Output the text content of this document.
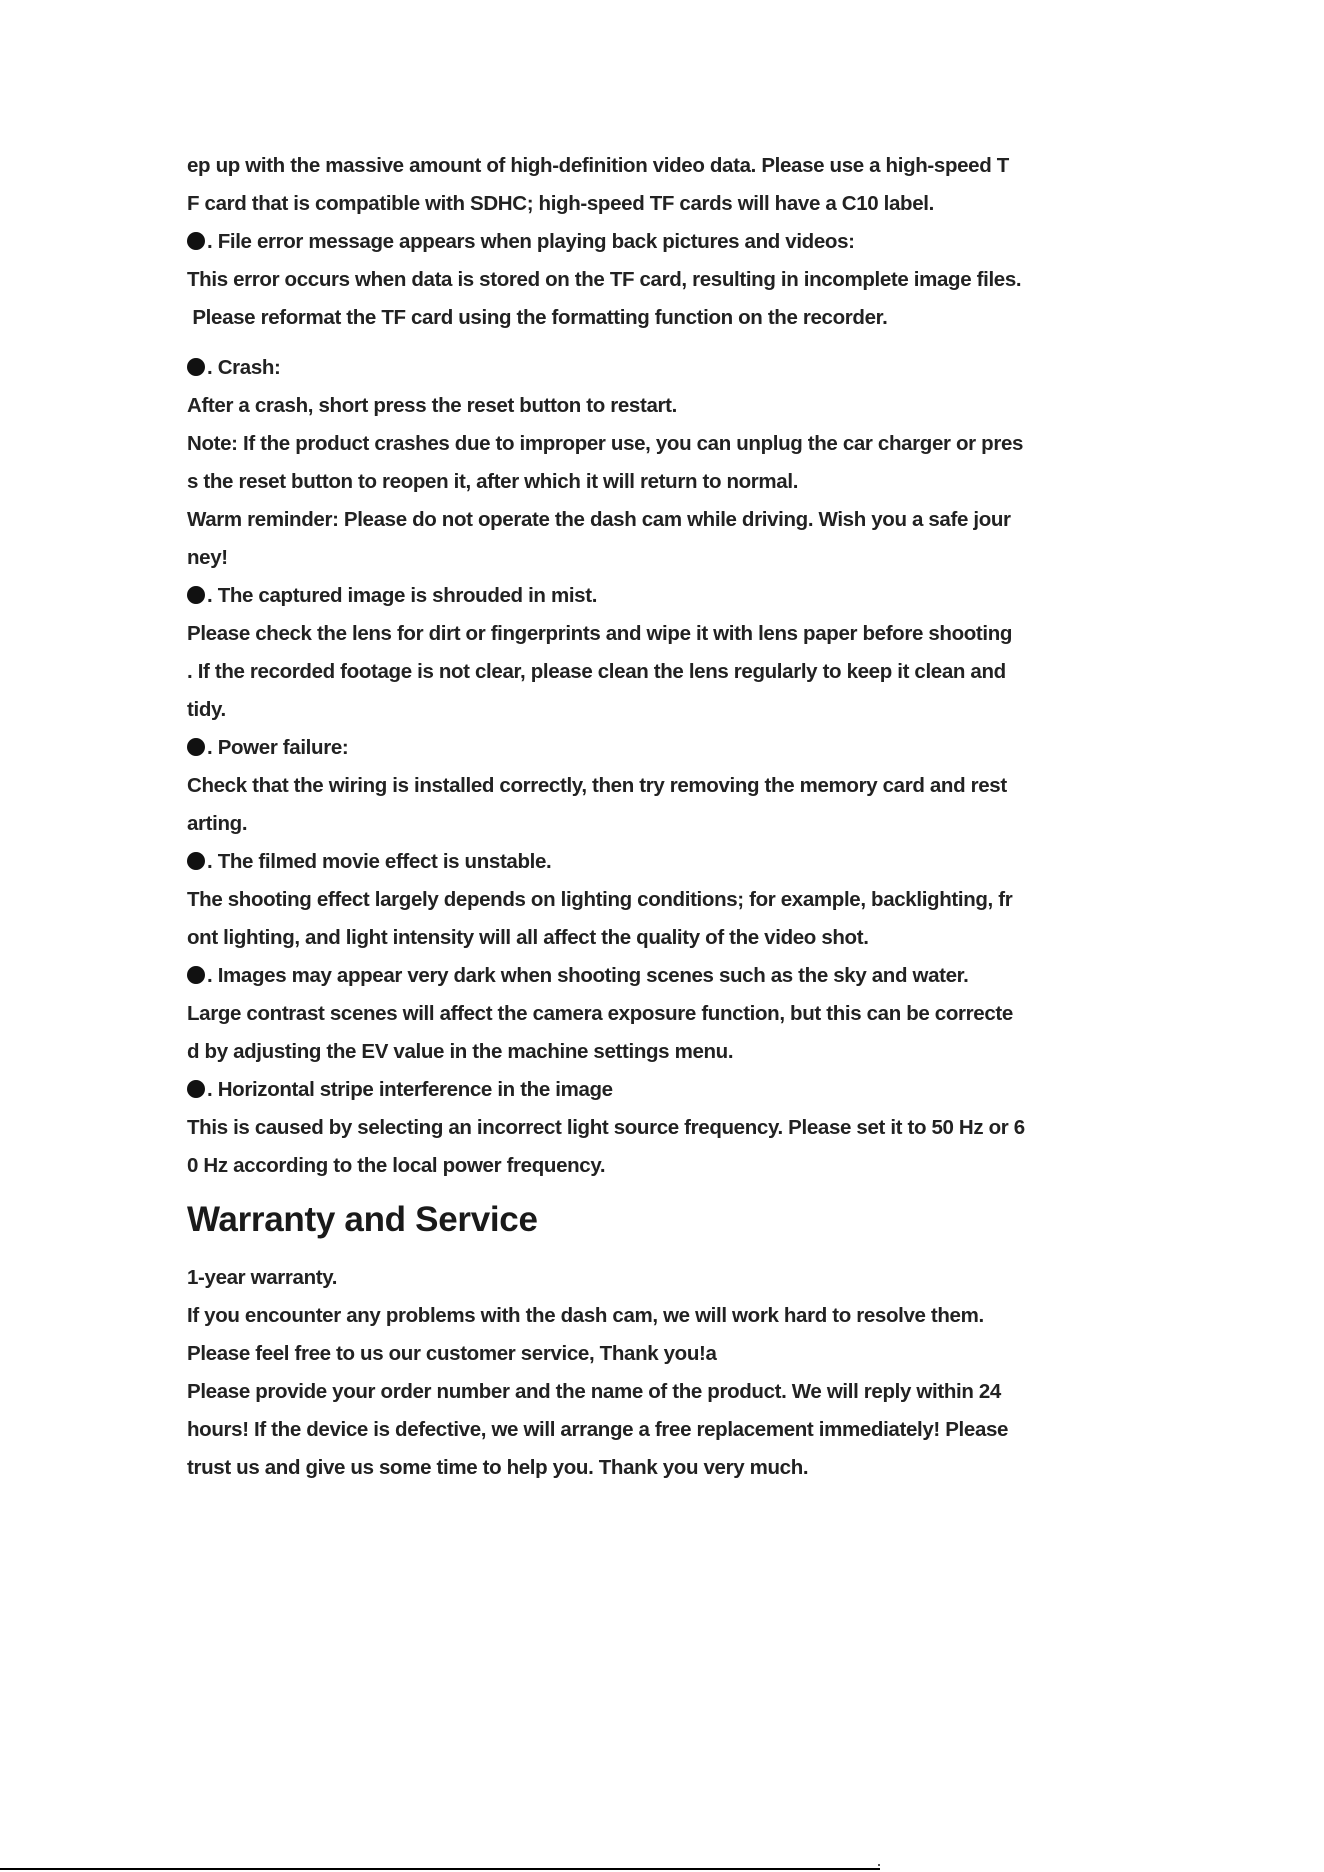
ep up with the massive amount of high-definition video data. Please use a high-speed T
F card that is compatible with SDHC; high-speed TF cards will have a C10 label.
. File error message appears when playing back pictures and videos:
This error occurs when data is stored on the TF card, resulting in incomplete image files.
Please reformat the TF card using the formatting function on the recorder.
. Crash:
After a crash, short press the reset button to restart.
Note: If the product crashes due to improper use, you can unplug the car charger or pres
s the reset button to reopen it, after which it will return to normal.
Warm reminder: Please do not operate the dash cam while driving. Wish you a safe jour
ney!
. The captured image is shrouded in mist.
Please check the lens for dirt or fingerprints and wipe it with lens paper before shooting
. If the recorded footage is not clear, please clean the lens regularly to keep it clean and
tidy.
. Power failure:
Check that the wiring is installed correctly, then try removing the memory card and rest
arting.
. The filmed movie effect is unstable.
The shooting effect largely depends on lighting conditions; for example, backlighting, fr
ont lighting, and light intensity will all affect the quality of the video shot.
. Images may appear very dark when shooting scenes such as the sky and water.
Large contrast scenes will affect the camera exposure function, but this can be correcte
d by adjusting the EV value in the machine settings menu.
. Horizontal stripe interference in the image
This is caused by selecting an incorrect light source frequency. Please set it to 50 Hz or 6
0 Hz according to the local power frequency.
Warranty and Service
1-year warranty.
If you encounter any problems with the dash cam, we will work hard to resolve them.
Please feel free to us our customer service, Thank you!a
Please provide your order number and the name of the product. We will reply within 24
hours! If the device is defective, we will arrange a free replacement immediately! Please
trust us and give us some time to help you. Thank you very much.
